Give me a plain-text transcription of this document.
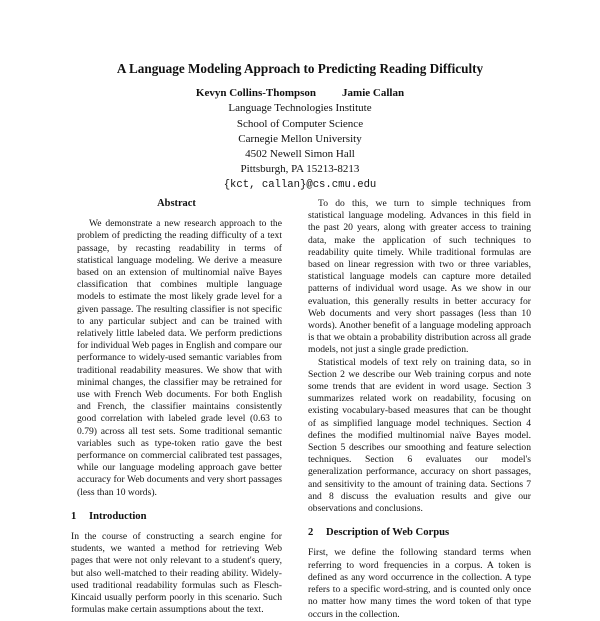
A Language Modeling Approach to Predicting Reading Difficulty
Kevyn Collins-Thompson Jamie Callan
Language Technologies Institute
School of Computer Science
Carnegie Mellon University
4502 Newell Simon Hall
Pittsburgh, PA 15213-8213
{kct, callan}@cs.cmu.edu
Abstract

We demonstrate a new research approach to the problem of predicting the reading difficulty of a text passage, by recasting readability in terms of statistical language modeling. We derive a measure based on an extension of multinomial naïve Bayes classification that combines multiple language models to estimate the most likely grade level for a given passage. The resulting classifier is not specific to any particular subject and can be trained with relatively little labeled data. We perform predictions for individual Web pages in English and compare our performance to widely-used semantic variables from traditional readability measures. We show that with minimal changes, the classifier may be retrained for use with French Web documents. For both English and French, the classifier maintains consistently good correlation with labeled grade level (0.63 to 0.79) across all test sets. Some traditional semantic variables such as type-token ratio gave the best performance on commercial calibrated test passages, while our language modeling approach gave better accuracy for Web documents and very short passages (less than 10 words).

1 Introduction

In the course of constructing a search engine for students, we wanted a method for retrieving Web pages that were not only relevant to a student's query, but also well-matched to their reading ability. Widely-used traditional readability formulas such as Flesch-Kincaid usually perform poorly in this scenario. Such formulas make certain assumptions about the text.

To do this, we turn to simple techniques from statistical language modeling. Advances in this field in the past 20 years, along with greater access to training data, make the application of such techniques to readability quite timely. While traditional formulas are based on linear regression with two or three variables, statistical language models can capture more detailed patterns of individual word usage. As we show in our evaluation, this generally results in better accuracy for Web documents and very short passages (less than 10 words). Another benefit of a language modeling approach is that we obtain a probability distribution across all grade models, not just a single grade prediction.

Statistical models of text rely on training data, so in Section 2 we describe our Web training corpus and note some trends that are evident in word usage. Section 3 summarizes related work on readability, focusing on existing vocabulary-based measures that can be thought of as simplified language model techniques. Section 4 defines the modified multinomial naïve Bayes model. Section 5 describes our smoothing and feature selection techniques. Section 6 evaluates our model's generalization performance, accuracy on short passages, and sensitivity to the amount of training data. Sections 7 and 8 discuss the evaluation results and give our observations and conclusions.

2 Description of Web Corpus

First, we define the following standard terms when referring to word frequencies in a corpus. A token is defined as any word occurrence in the collection. A type refers to a specific word-string, and is counted only once no matter how many times the word token of that type occurs in the collection.
